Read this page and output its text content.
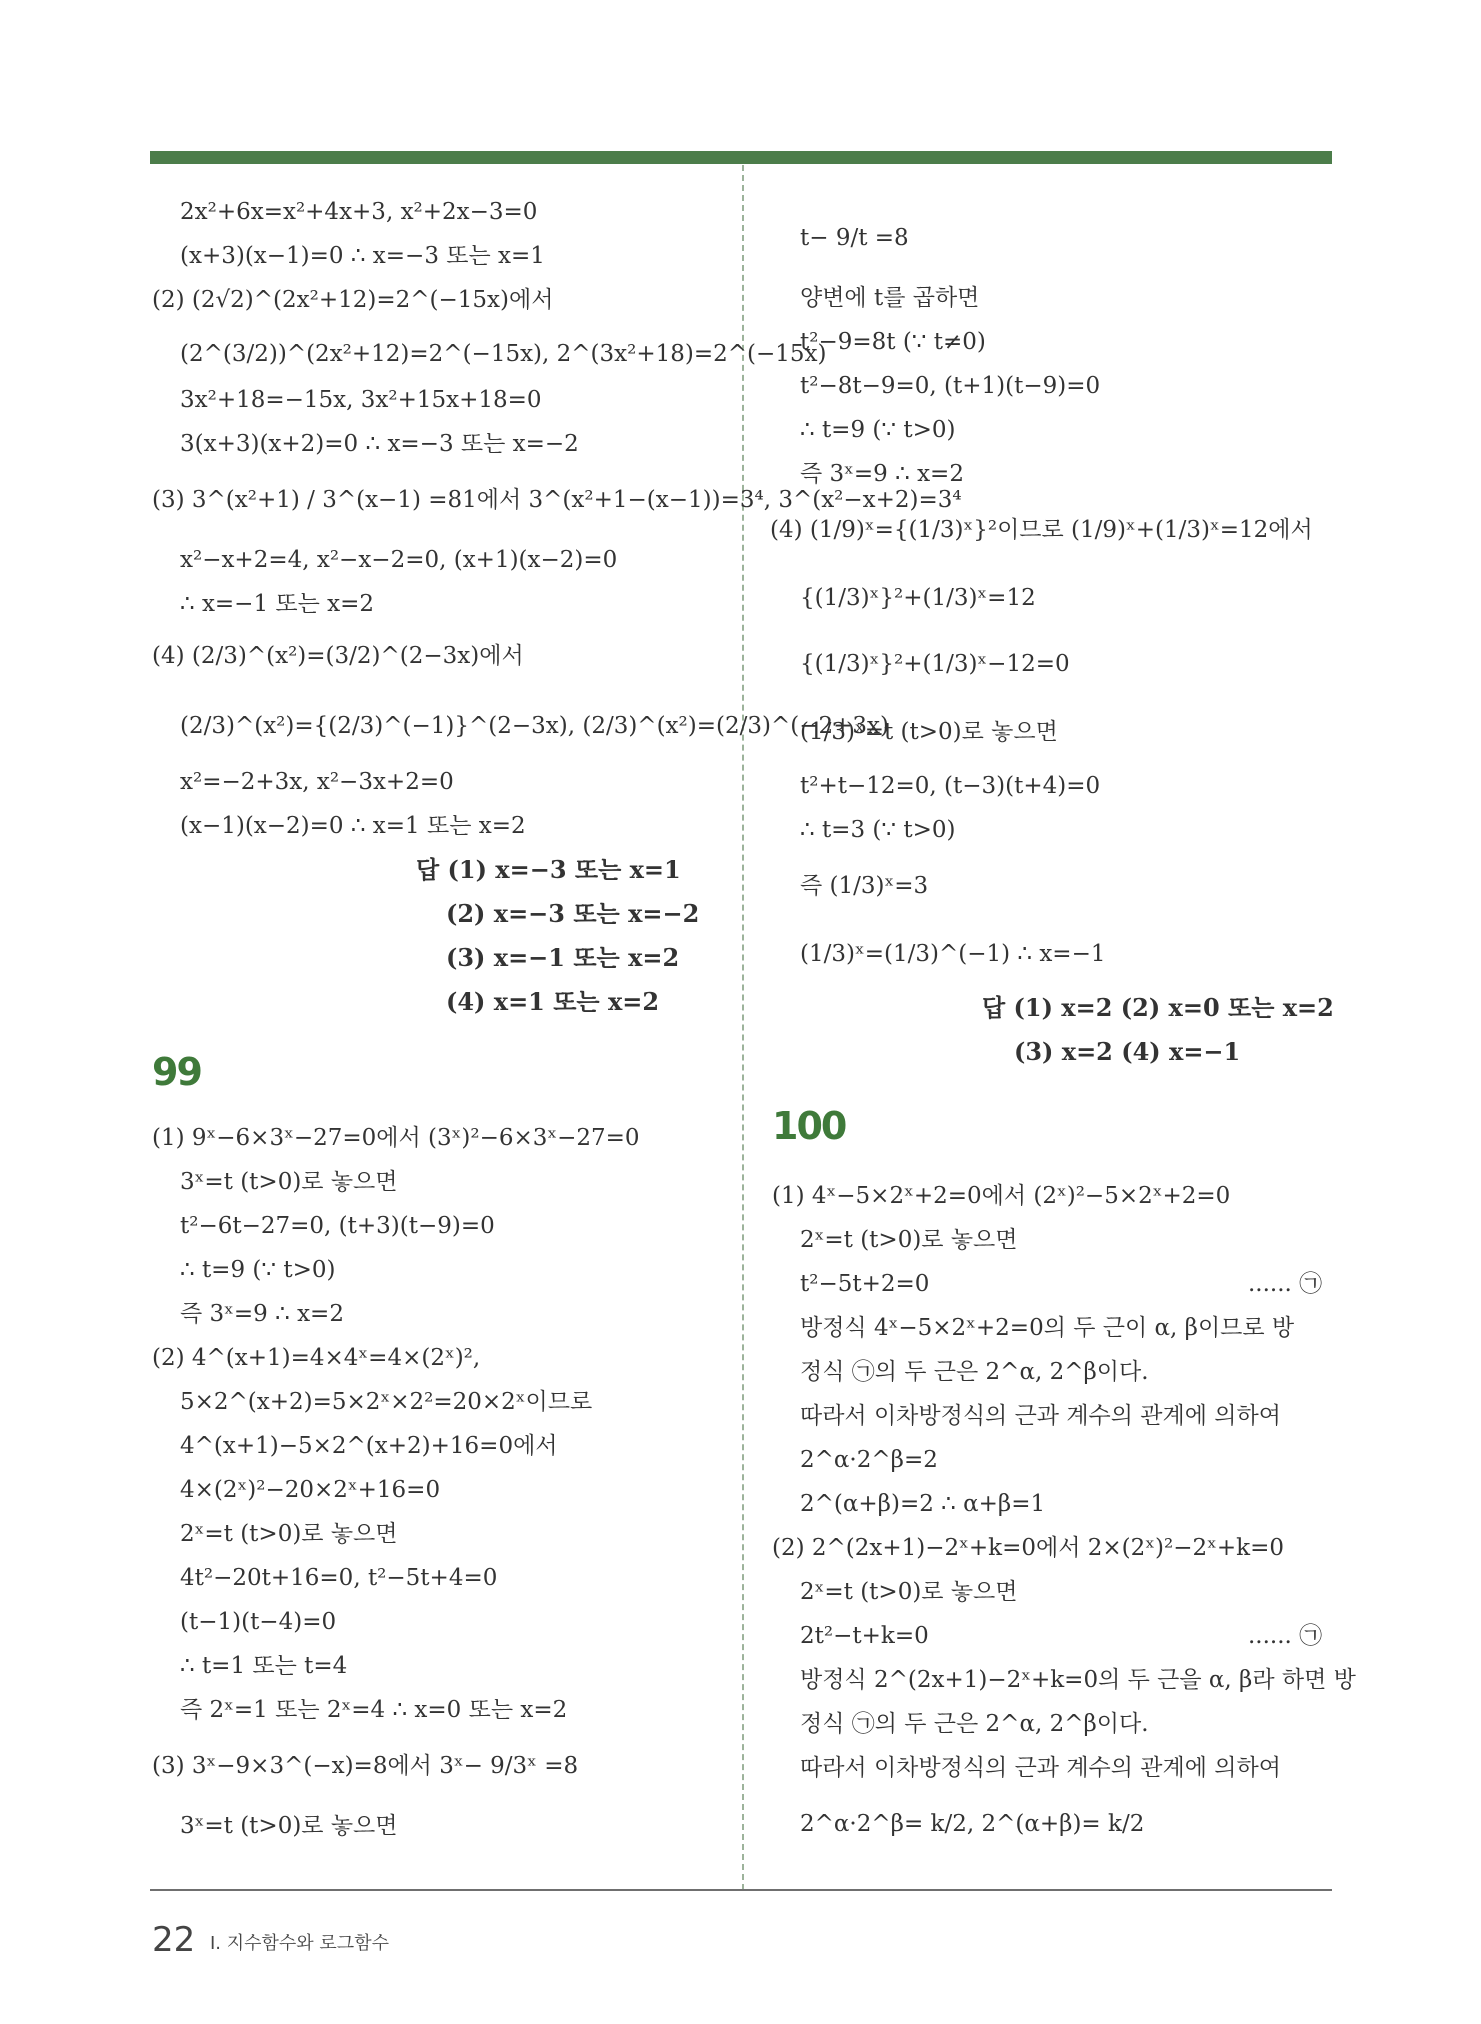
2x²+6x=x²+4x+3, x²+2x−3=0
(x+3)(x−1)=0 ∴ x=−3 또는 x=1
(2) (2√2)^(2x²+12)=2^(−15x)에서
(2^(3/2))^(2x²+12)=2^(−15x), 2^(3x²+18)=2^(−15x)
3x²+18=−15x, 3x²+15x+18=0
3(x+3)(x+2)=0 ∴ x=−3 또는 x=−2
(3) 3^(x²+1) / 3^(x−1) =81에서 3^(x²+1−(x−1))=3⁴, 3^(x²−x+2)=3⁴
x²−x+2=4, x²−x−2=0, (x+1)(x−2)=0
∴ x=−1 또는 x=2
(4) (2/3)^(x²)=(3/2)^(2−3x)에서
(2/3)^(x²)={(2/3)^(−1)}^(2−3x), (2/3)^(x²)=(2/3)^(−2+3x)
x²=−2+3x, x²−3x+2=0
(x−1)(x−2)=0 ∴ x=1 또는 x=2
답 (1) x=−3 또는 x=1
(2) x=−3 또는 x=−2
(3) x=−1 또는 x=2
(4) x=1 또는 x=2
(1) 9ˣ−6×3ˣ−27=0에서 (3ˣ)²−6×3ˣ−27=0
3ˣ=t (t>0)로 놓으면
t²−6t−27=0, (t+3)(t−9)=0
∴ t=9 (∵ t>0)
즉 3ˣ=9 ∴ x=2
(2) 4^(x+1)=4×4ˣ=4×(2ˣ)²,
5×2^(x+2)=5×2ˣ×2²=20×2ˣ이므로
4^(x+1)−5×2^(x+2)+16=0에서
4×(2ˣ)²−20×2ˣ+16=0
2ˣ=t (t>0)로 놓으면
4t²−20t+16=0, t²−5t+4=0
(t−1)(t−4)=0
∴ t=1 또는 t=4
즉 2ˣ=1 또는 2ˣ=4 ∴ x=0 또는 x=2
(3) 3ˣ−9×3^(−x)=8에서 3ˣ− 9/3ˣ =8
3ˣ=t (t>0)로 놓으면
t− 9/t =8
양변에 t를 곱하면
t²−9=8t (∵ t≠0)
t²−8t−9=0, (t+1)(t−9)=0
∴ t=9 (∵ t>0)
즉 3ˣ=9 ∴ x=2
(4) (1/9)ˣ={(1/3)ˣ}²이므로 (1/9)ˣ+(1/3)ˣ=12에서
{(1/3)ˣ}²+(1/3)ˣ=12
{(1/3)ˣ}²+(1/3)ˣ−12=0
(1/3)ˣ=t (t>0)로 놓으면
t²+t−12=0, (t−3)(t+4)=0
∴ t=3 (∵ t>0)
즉 (1/3)ˣ=3
(1/3)ˣ=(1/3)^(−1) ∴ x=−1
답 (1) x=2 (2) x=0 또는 x=2
(3) x=2 (4) x=−1
(1) 4ˣ−5×2ˣ+2=0에서 (2ˣ)²−5×2ˣ+2=0
2ˣ=t (t>0)로 놓으면
t²−5t+2=0
방정식 4ˣ−5×2ˣ+2=0의 두 근이 α, β이므로 방
정식 ㉠의 두 근은 2^α, 2^β이다.
따라서 이차방정식의 근과 계수의 관계에 의하여
2^α·2^β=2
2^(α+β)=2 ∴ α+β=1
(2) 2^(2x+1)−2ˣ+k=0에서 2×(2ˣ)²−2ˣ+k=0
2ˣ=t (t>0)로 놓으면
2t²−t+k=0
방정식 2^(2x+1)−2ˣ+k=0의 두 근을 α, β라 하면 방
정식 ㉠의 두 근은 2^α, 2^β이다.
따라서 이차방정식의 근과 계수의 관계에 의하여
2^α·2^β= k/2, 2^(α+β)= k/2
...... ㉠
...... ㉠
99
100
22 Ⅰ. 지수함수와 로그함수
